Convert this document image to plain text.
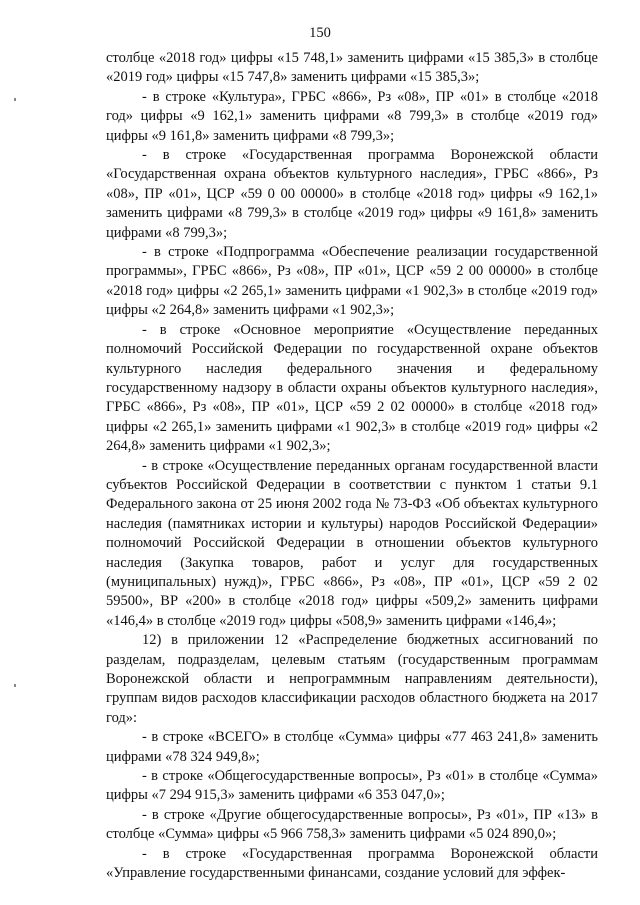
150

столбце «2018 год» цифры «15 748,1» заменить цифрами «15 385,3» в столбце «2019 год» цифры «15 747,8» заменить цифрами «15 385,3»;

- в строке «Культура», ГРБС «866», Рз «08», ПР «01» в столбце «2018 год» цифры «9 162,1» заменить цифрами «8 799,3» в столбце «2019 год» цифры «9 161,8» заменить цифрами «8 799,3»;

- в строке «Государственная программа Воронежской области «Государственная охрана объектов культурного наследия», ГРБС «866», Рз «08», ПР «01», ЦСР «59 0 00 00000» в столбце «2018 год» цифры «9 162,1» заменить цифрами «8 799,3» в столбце «2019 год» цифры «9 161,8» заменить цифрами «8 799,3»;

- в строке «Подпрограмма «Обеспечение реализации государственной программы», ГРБС «866», Рз «08», ПР «01», ЦСР «59 2 00 00000» в столбце «2018 год» цифры «2 265,1» заменить цифрами «1 902,3» в столбце «2019 год» цифры «2 264,8» заменить цифрами «1 902,3»;

- в строке «Основное мероприятие «Осуществление переданных полномочий Российской Федерации по государственной охране объектов культурного наследия федерального значения и федеральному государственному надзору в области охраны объектов культурного наследия», ГРБС «866», Рз «08», ПР «01», ЦСР «59 2 02 00000» в столбце «2018 год» цифры «2 265,1» заменить цифрами «1 902,3» в столбце «2019 год» цифры «2 264,8» заменить цифрами «1 902,3»;

- в строке «Осуществление переданных органам государственной власти субъектов Российской Федерации в соответствии с пунктом 1 статьи 9.1 Федерального закона от 25 июня 2002 года № 73-ФЗ «Об объектах культурного наследия (памятниках истории и культуры) народов Российской Федерации» полномочий Российской Федерации в отношении объектов культурного наследия (Закупка товаров, работ и услуг для государственных (муниципальных) нужд)», ГРБС «866», Рз «08», ПР «01», ЦСР «59 2 02 59500», ВР «200» в столбце «2018 год» цифры «509,2» заменить цифрами «146,4» в столбце «2019 год» цифры «508,9» заменить цифрами «146,4»;

12) в приложении 12 «Распределение бюджетных ассигнований по разделам, подразделам, целевым статьям (государственным программам Воронежской области и непрограммным направлениям деятельности), группам видов расходов классификации расходов областного бюджета на 2017 год»:

- в строке «ВСЕГО» в столбце «Сумма» цифры «77 463 241,8» заменить цифрами «78 324 949,8»;

- в строке «Общегосударственные вопросы», Рз «01» в столбце «Сумма» цифры «7 294 915,3» заменить цифрами «6 353 047,0»;

- в строке «Другие общегосударственные вопросы», Рз «01», ПР «13» в столбце «Сумма» цифры «5 966 758,3» заменить цифрами «5 024 890,0»;

- в строке «Государственная программа Воронежской области «Управление государственными финансами, создание условий для эффек-
